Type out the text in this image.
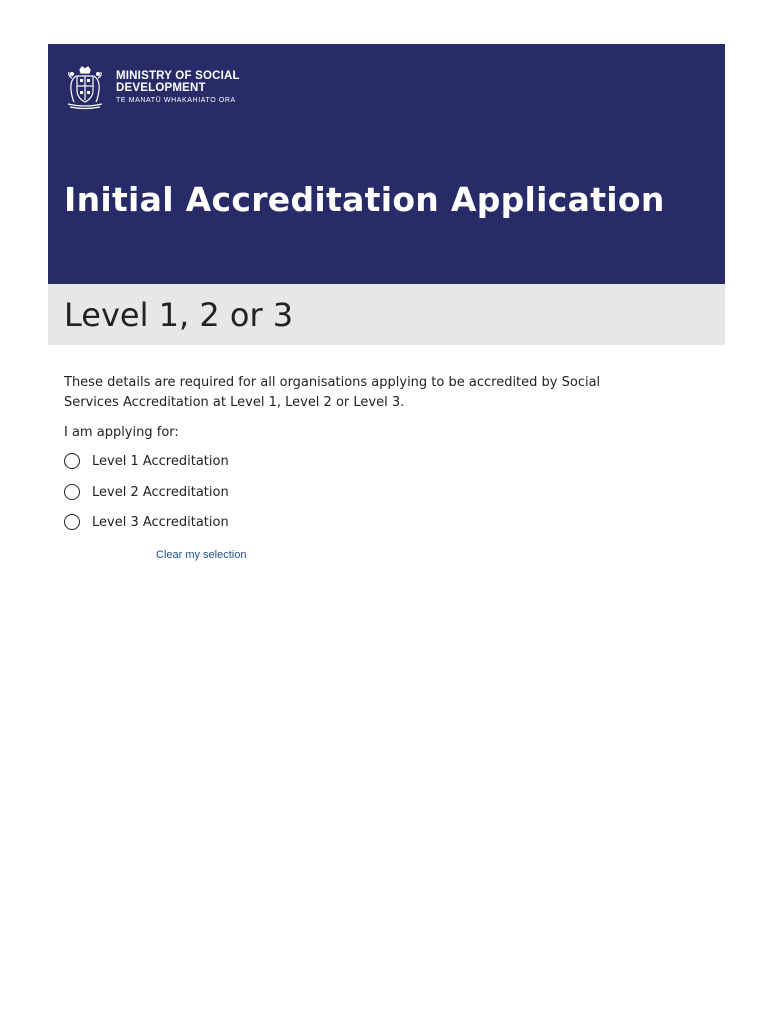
MINISTRY OF SOCIAL
DEVELOPMENT
TE MANATŪ WHAKAHIATO ORA
Initial Accreditation Application
Level 1, 2 or 3

These details are required for all organisations applying to be accredited by Social Services Accreditation at Level 1, Level 2 or Level 3.

I am applying for:

Level 1 Accreditation
Level 2 Accreditation
Level 3 Accreditation
Clear my selection
